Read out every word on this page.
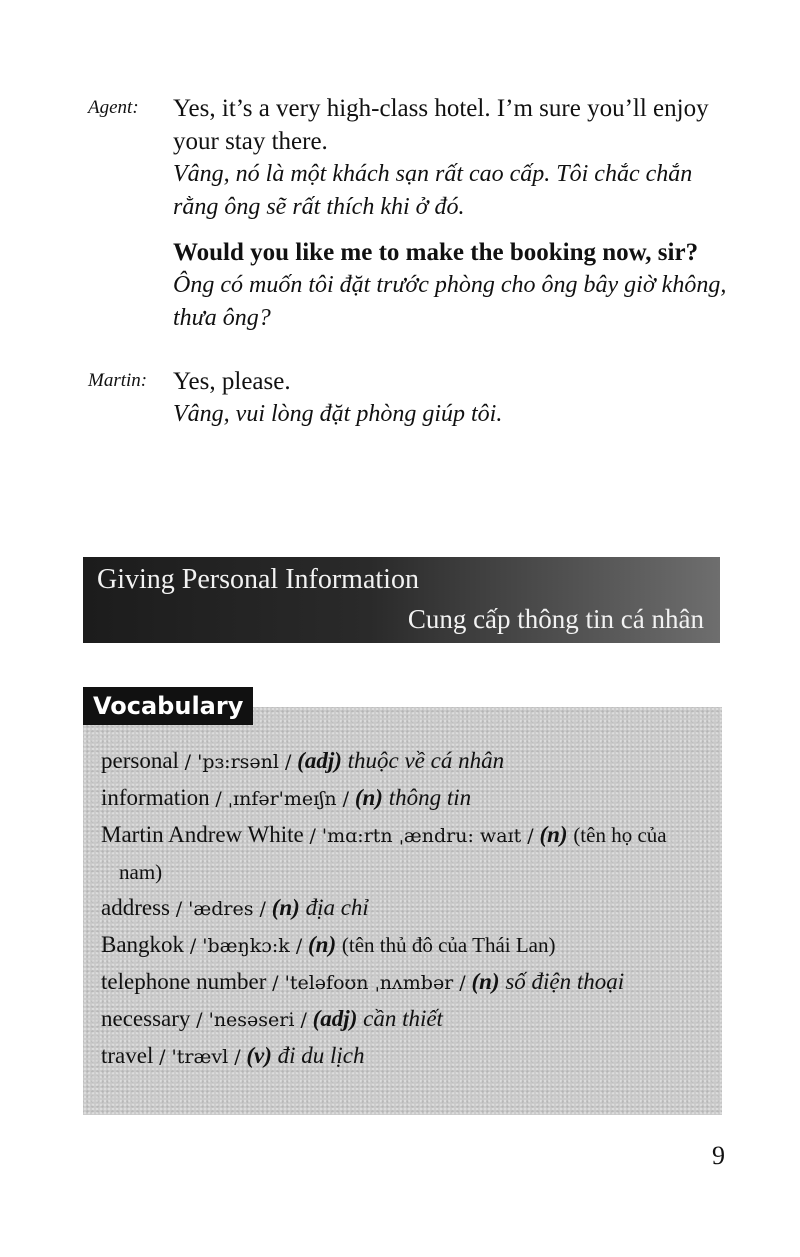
Agent: Yes, it’s a very high-class hotel. I’m sure you’ll enjoy your stay there.
Vâng, nó là một khách sạn rất cao cấp. Tôi chắc chắn rằng ông sẽ rất thích khi ở đó.
Would you like me to make the booking now, sir?
Ông có muốn tôi đặt trước phòng cho ông bây giờ không, thưa ông?
Martin: Yes, please.
Vâng, vui lòng đặt phòng giúp tôi.
Giving Personal Information
Cung cấp thông tin cá nhân
Vocabulary
personal / 'pɜ:rsənl / (adj) thuộc về cá nhân
information / ˌɪnfər'meɪʃn / (n) thông tin
Martin Andrew White / 'mɑ:rtn ˌændru: waɪt / (n) (tên họ của nam)
address / 'ædres / (n) địa chỉ
Bangkok / 'bæŋkɔ:k / (n) (tên thủ đô của Thái Lan)
telephone number / 'teləfoʊn ˌnʌmbər / (n) số điện thoại
necessary / 'nesəseri / (adj) cần thiết
travel / 'trævl / (v) đi du lịch
9
